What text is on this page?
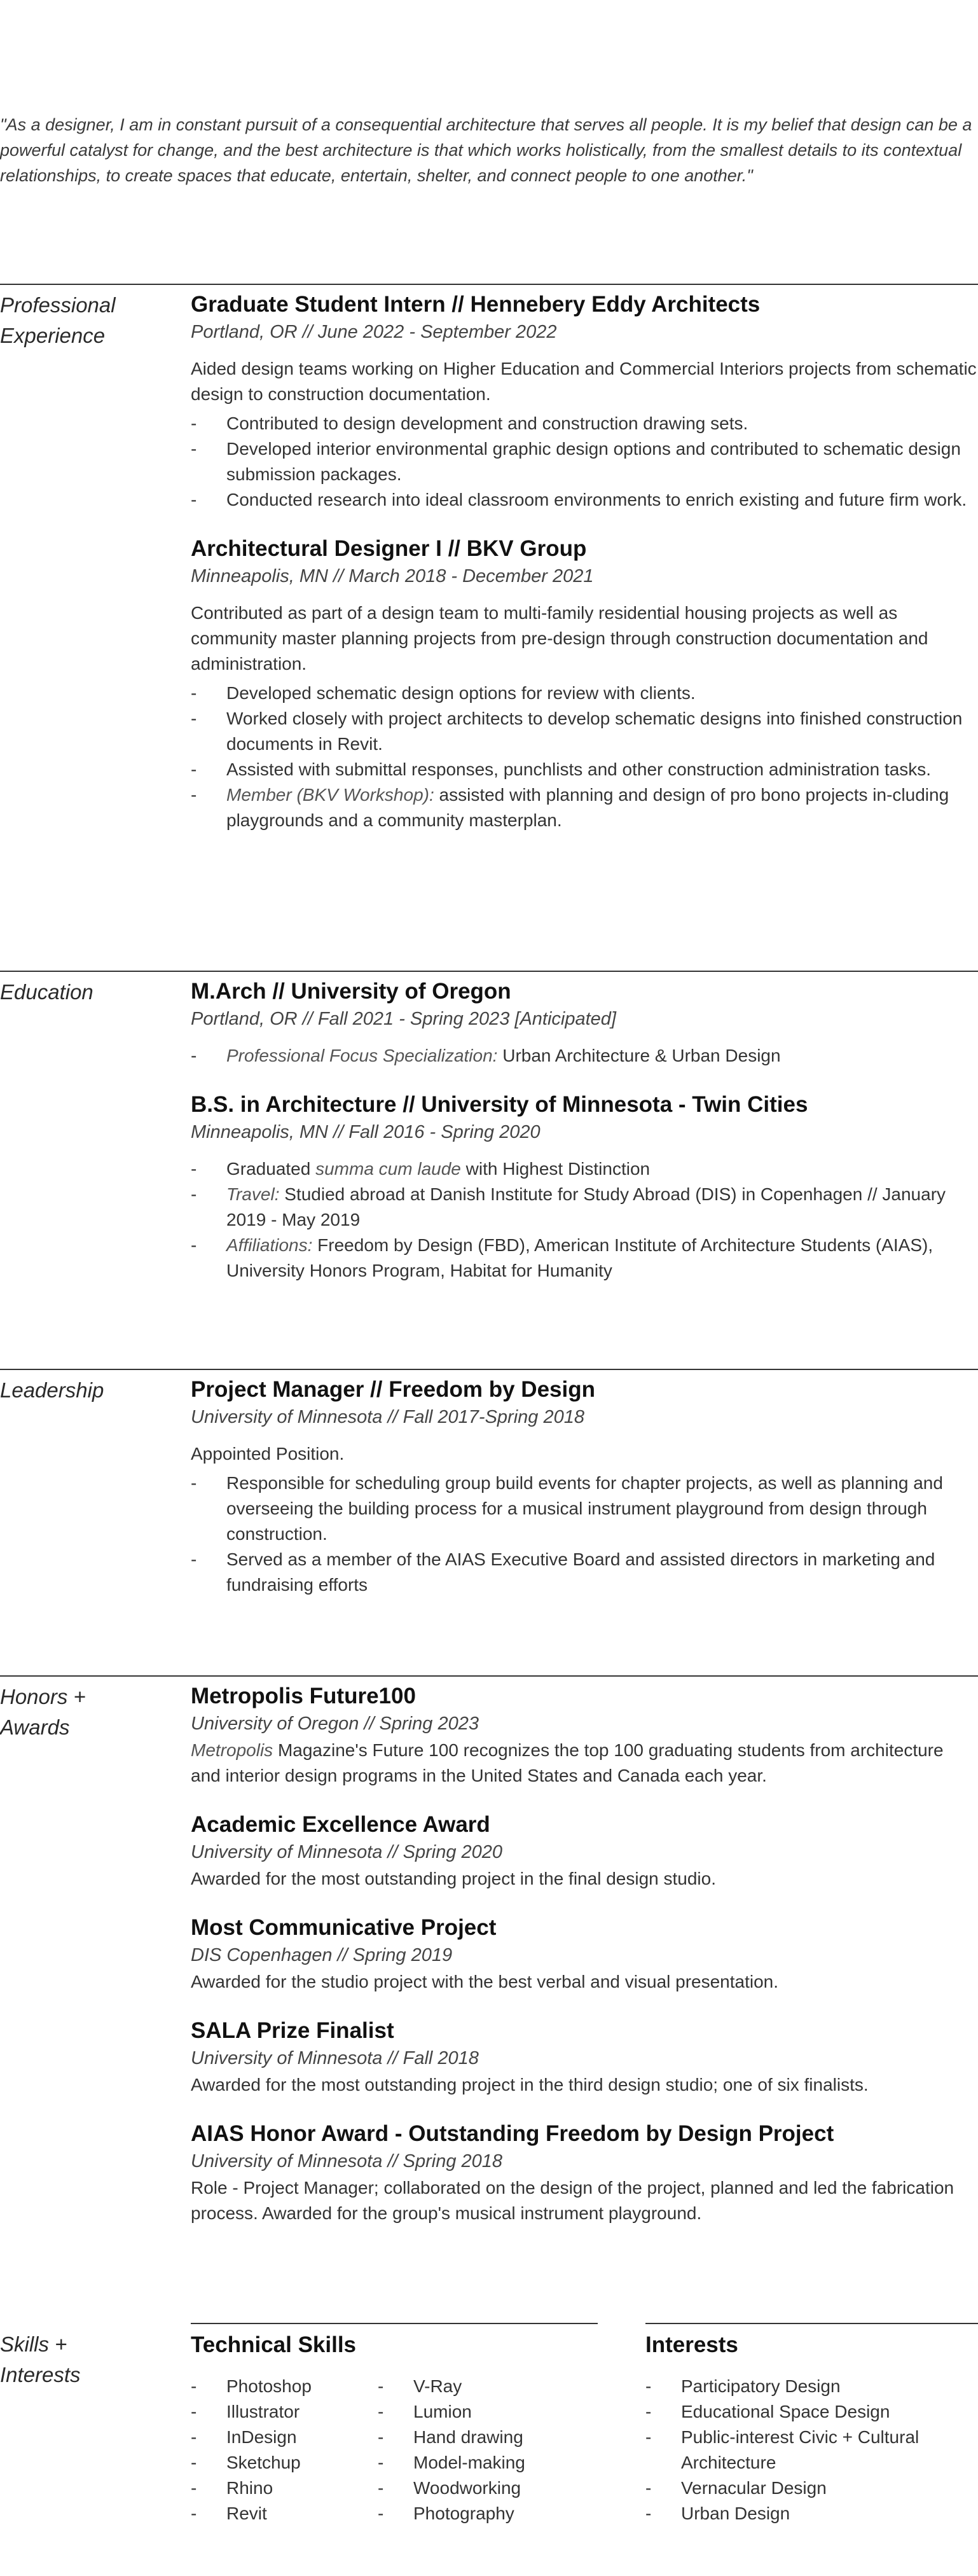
"As a designer, I am in constant pursuit of a consequential architecture that serves all people. It is my belief that design can be a powerful catalyst for change, and the best architecture is that which works holistically, from the smallest details to its contextual relationships, to create spaces that educate, entertain, shelter, and connect people to one another."
Professional
Experience
Graduate Student Intern // Hennebery Eddy Architects
Portland, OR // June 2022 - September 2022
Aided design teams working on Higher Education and Commercial Interiors projects from schematic design to construction documentation.
- Contributed to design development and construction drawing sets.
- Developed interior environmental graphic design options and contributed to schematic design submission packages.
- Conducted research into ideal classroom environments to enrich existing and future firm work.
Architectural Designer I // BKV Group
Minneapolis, MN // March 2018 - December 2021
Contributed as part of a design team to multi-family residential housing projects as well as community master planning projects from pre-design through construction documentation and administration.
- Developed schematic design options for review with clients.
- Worked closely with project architects to develop schematic designs into finished construction documents in Revit.
- Assisted with submittal responses, punchlists and other construction administration tasks.
- Member (BKV Workshop): assisted with planning and design of pro bono projects in-cluding playgrounds and a community masterplan.
Education	M.Arch // University of Oregon
Portland, OR // Fall 2021 - Spring 2023 [Anticipated]
- Professional Focus Specialization: Urban Architecture & Urban Design
B.S. in Architecture // University of Minnesota - Twin Cities
Minneapolis, MN // Fall 2016 - Spring 2020
- Graduated summa cum laude with Highest Distinction
- Travel: Studied abroad at Danish Institute for Study Abroad (DIS) in Copenhagen // January 2019 - May 2019
- Affiliations: Freedom by Design (FBD), American Institute of Architecture Students (AIAS), University Honors Program, Habitat for Humanity
Leadership	Project Manager // Freedom by Design
University of Minnesota // Fall 2017-Spring 2018
Appointed Position.
- Responsible for scheduling group build events for chapter projects, as well as planning and overseeing the building process for a musical instrument playground from design through construction.
- Served as a member of the AIAS Executive Board and assisted directors in marketing and fundraising efforts
Honors +
Awards
Metropolis Future100
University of Oregon // Spring 2023
Metropolis Magazine's Future 100 recognizes the top 100 graduating students from architecture and interior design programs in the United States and Canada each year.
Academic Excellence Award
University of Minnesota // Spring 2020
Awarded for the most outstanding project in the final design studio.
Most Communicative Project
DIS Copenhagen // Spring 2019
Awarded for the studio project with the best verbal and visual presentation.
SALA Prize Finalist
University of Minnesota // Fall 2018
Awarded for the most outstanding project in the third design studio; one of six finalists.
AIAS Honor Award - Outstanding Freedom by Design Project
University of Minnesota // Spring 2018
Role - Project Manager; collaborated on the design of the project, planned and led the fabrication process. Awarded for the group's musical instrument playground.
Skills +
Interests
Technical Skills
- Photoshop
- Illustrator
- InDesign
- Sketchup
- Rhino
- Revit
- V-Ray
- Lumion
- Hand drawing
- Model-making
- Woodworking
- Photography
Interests
- Participatory Design
- Educational Space Design
- Public-interest Civic + Cultural Architecture
- Vernacular Design
- Urban Design
